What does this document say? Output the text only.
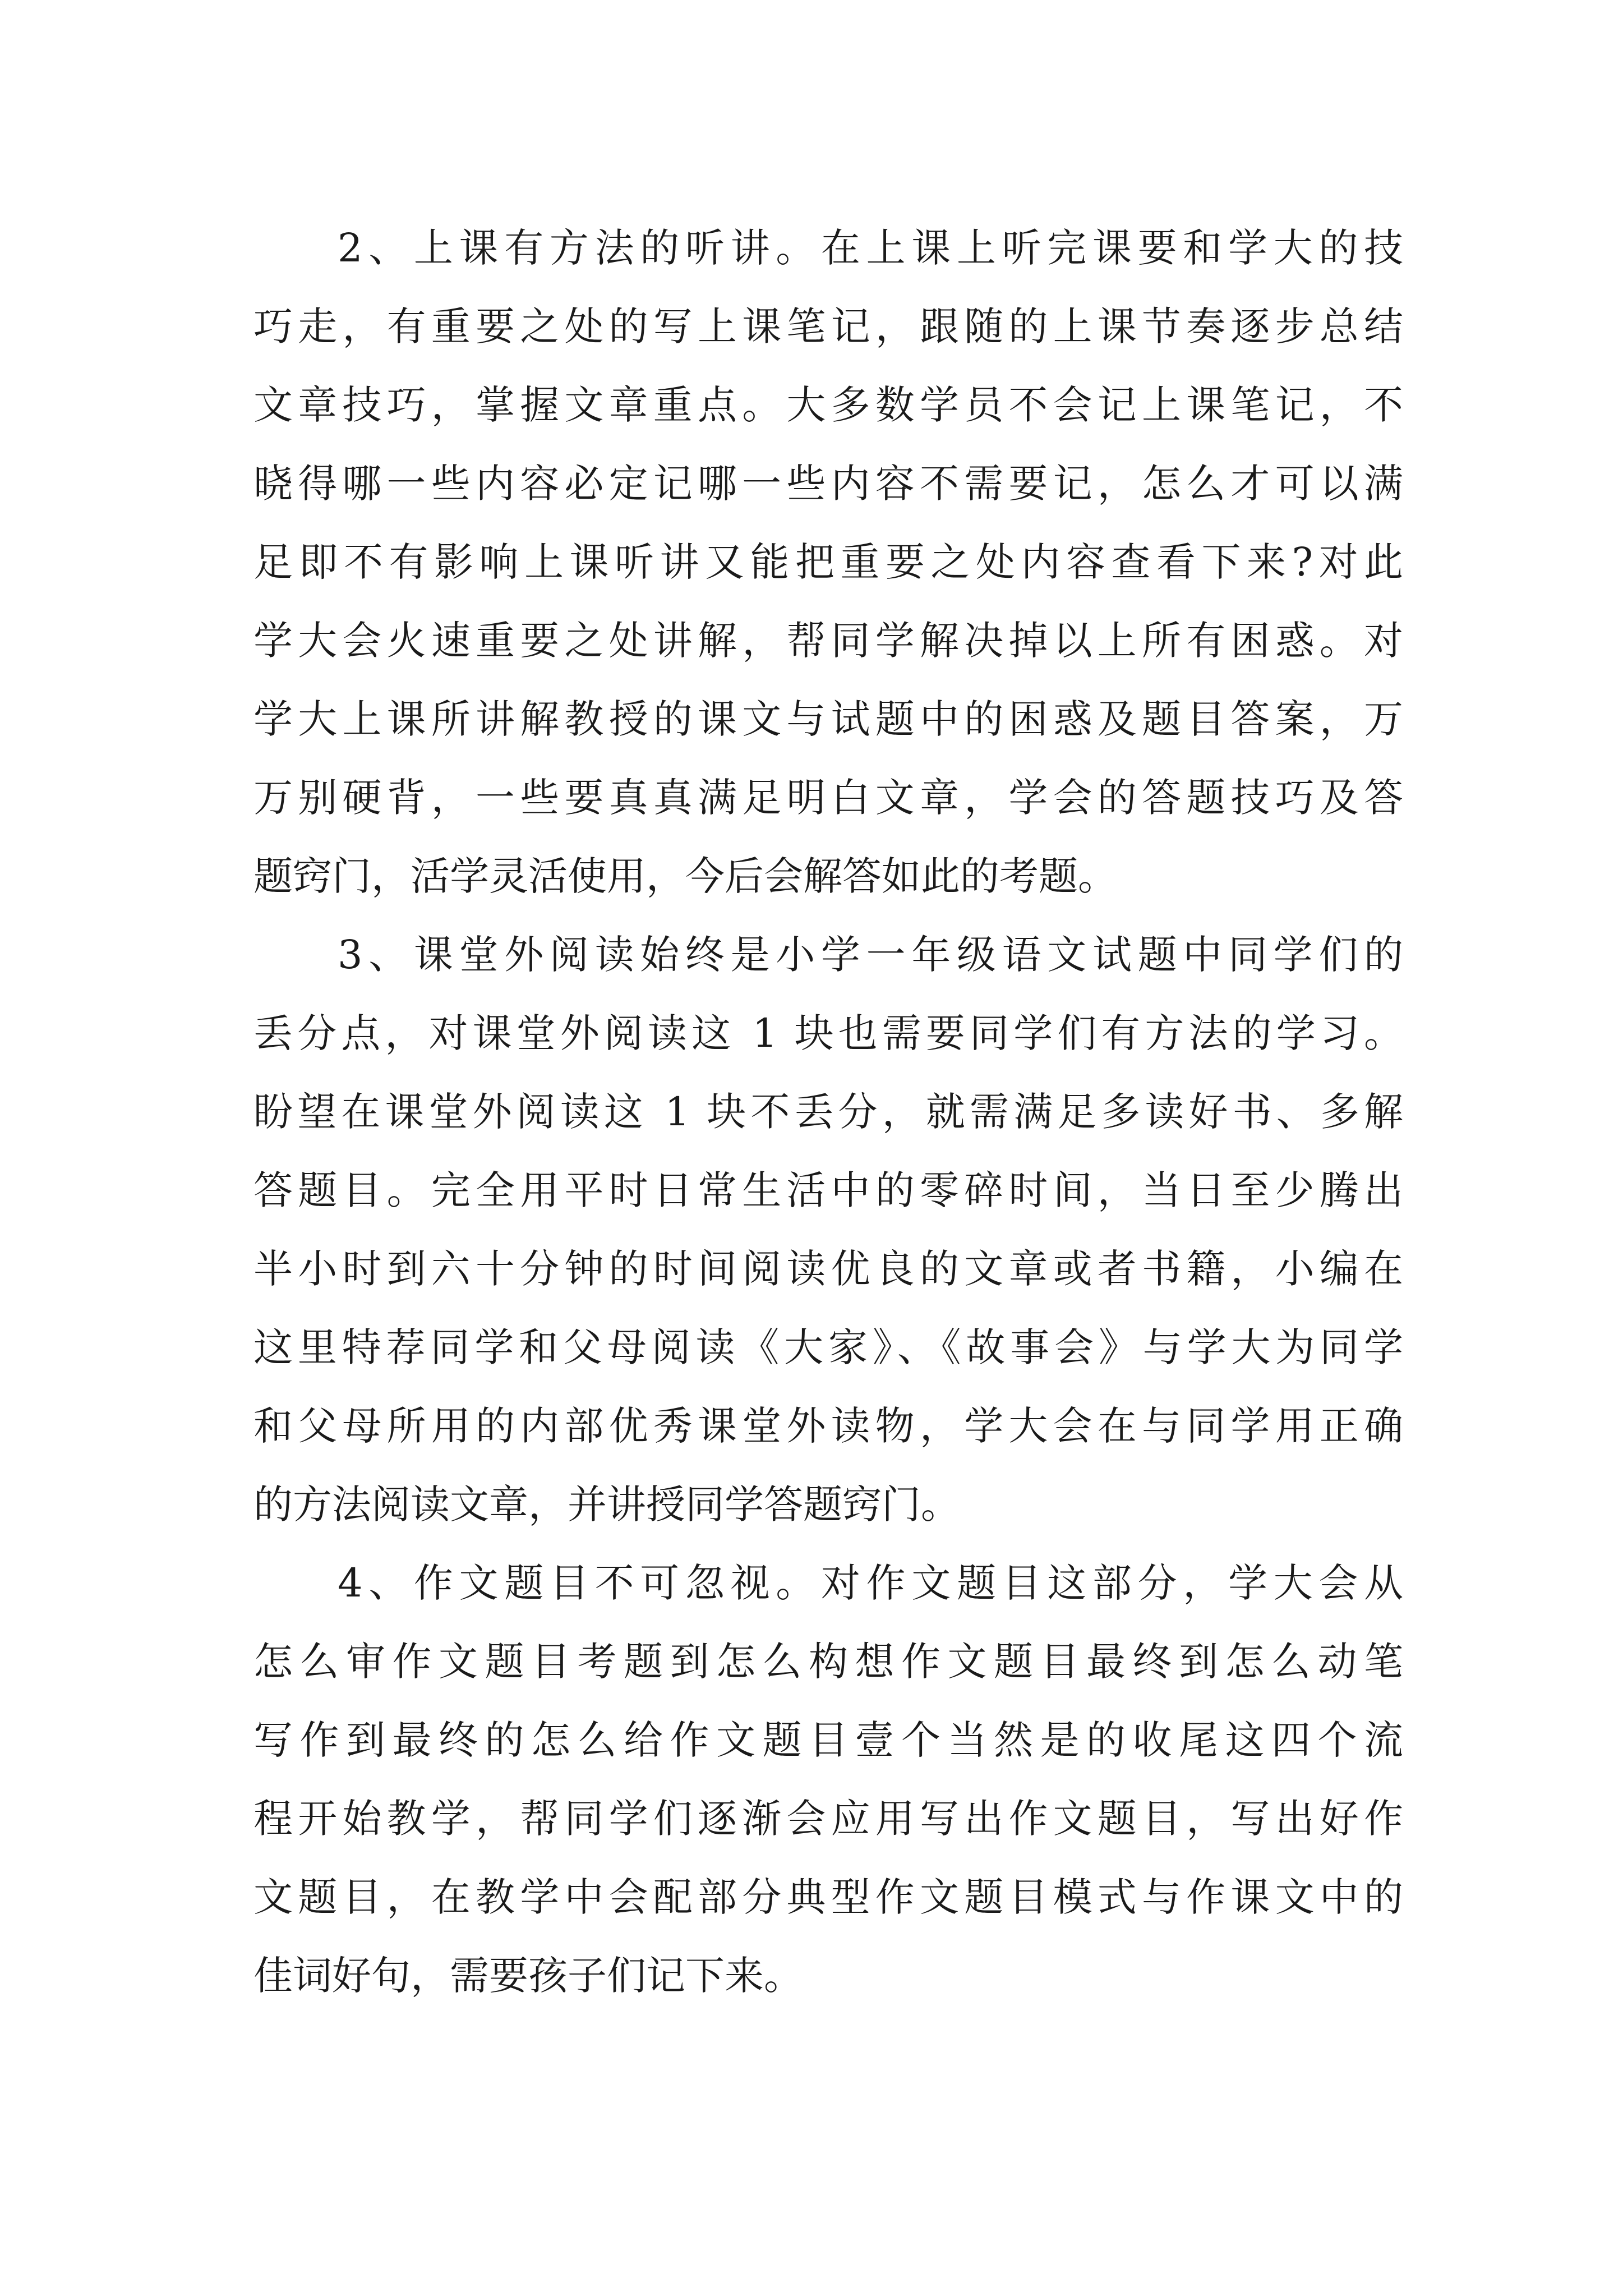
2、上课有方法的听讲。在上课上听完课要和学大的技
巧走，有重要之处的写上课笔记，跟随的上课节奏逐步总结
文章技巧，掌握文章重点。大多数学员不会记上课笔记，不
晓得哪一些内容必定记哪一些内容不需要记，怎么才可以满
足即不有影响上课听讲又能把重要之处内容查看下来?对此
学大会火速重要之处讲解，帮同学解决掉以上所有困惑。对
学大上课所讲解教授的课文与试题中的困惑及题目答案，万
万别硬背，一些要真真满足明白文章，学会的答题技巧及答
题窍门，活学灵活使用，今后会解答如此的考题。
3、课堂外阅读始终是小学一年级语文试题中同学们的
丢分点，对课堂外阅读这 1 块也需要同学们有方法的学习。
盼望在课堂外阅读这 1 块不丢分，就需满足多读好书、多解
答题目。完全用平时日常生活中的零碎时间，当日至少腾出
半小时到六十分钟的时间阅读优良的文章或者书籍，小编在
这里特荐同学和父母阅读《大家》、《故事会》与学大为同学
和父母所用的内部优秀课堂外读物，学大会在与同学用正确
的方法阅读文章，并讲授同学答题窍门。
4、作文题目不可忽视。对作文题目这部分，学大会从
怎么审作文题目考题到怎么构想作文题目最终到怎么动笔
写作到最终的怎么给作文题目壹个当然是的收尾这四个流
程开始教学，帮同学们逐渐会应用写出作文题目，写出好作
文题目，在教学中会配部分典型作文题目模式与作课文中的
佳词好句，需要孩子们记下来。
